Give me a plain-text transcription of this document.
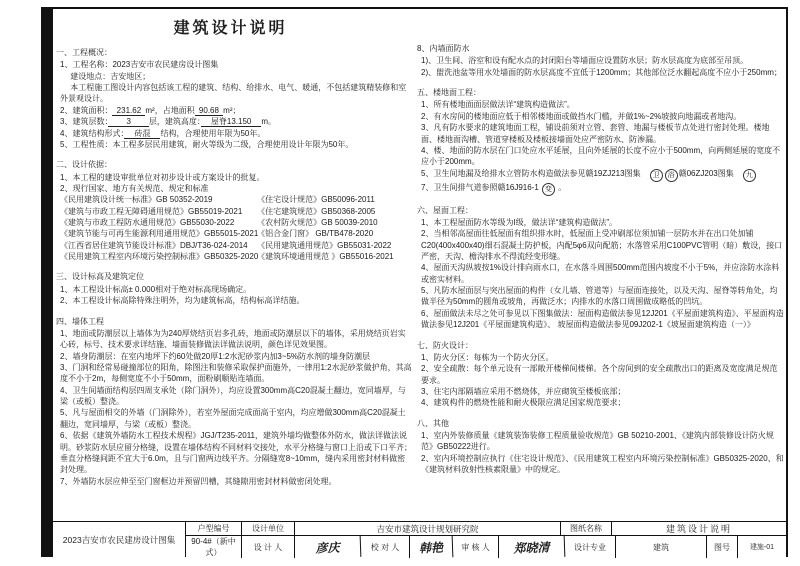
建筑设计说明
一、工程概况：
1、工程名称：2023吉安市农民建房设计图集
　 建设地点：吉安地区；
　 本工程施工图设计内容包括该工程的建筑、结构、给排水、电气、暖通，不包括建筑精装修和室外景观设计。
2、建筑面积： 231.62 m²，占地面积 90.68 m²；
3、建筑层数：　　3　　层，建筑高度：　屋脊13.150　m。
4、建筑结构形式：　砖混　结构，合理使用年限为50年。
5、工程性质：本工程多层民用建筑，耐火等级为二级，合理使用设计年限为50年。
二、设计依据：
1、本工程的建设审批单位对初步设计或方案设计的批复。
2、现行国家、地方有关规范、规定和标准
《民用建筑设计统一标准》GB 50352-2019	《住宅设计规范》GB50096-2011
《建筑与市政工程无障碍通用规范》GB55019-2021 《住宅建筑规范》GB50368-2005
《建筑与市政工程防水通用规范》GB55030-2022	《农村防火规范》GB 50039-2010
《建筑节能与可再生能源利用通用规范》GB55015-2021《铝合金门窗》 GB/TB478-2020
《江西省居住建筑节能设计标准》DBJ/T36-024-2014 《民用建筑通用规范》GB55031-2022
《民用建筑工程室内环境污染控制标准》GB50325-2020《建筑环境通用规范 》GB55016-2021
三、设计标高及建筑定位
1、本工程设计标高± 0.000相对于绝对标高现场确定。
2、本工程设计标高除特殊注明外，均为建筑标高，结构标高详结施。
四、墙体工程
1、地面或防潮层以上墙体为为240厚烧结页岩多孔砖，地面或防潮层以下的墙体，采用烧结页岩实心砖，标号、技术要求详结施、墙面装修做法详做法说明，颜色详见效果图。
2、墙身防潮层：在室内地坪下约60处做20厚1:2水泥砂浆内加3~5%防水剂的墙身防潮层
3、门洞和经常易碰撞部位的阳角，除图注和装修采取保护面施外，一律用1:2水泥砂浆做护角，其高度不小于2m，每侧宽度不小于50mm，面粉刷顺贴连墙面。
4、卫生间墙面结构层四周支承处（除门洞外），均应设置300mm高C20混凝土翻边，宽同墙厚，与梁（或板）整浇。
5、凡与屋面相交的外墙（门洞除外），若室外屋面完成面高于室内，均应增做300mm高C20混凝土翻边，宽同墙厚，与梁（或板）整浇。
6、依据《建筑外墙防水工程技术规程》JGJ/T235-2011，建筑外墙均做整体外防水，做法详做法说明。砂浆防水层应留分格缝，设置在墙体结构不同材料交接处，水平分格缝与窗口上沿或下口平齐；垂直分格缝间距不宜大于6.0m，且与门窗两边线平齐。分隔缝宽8~10mm，缝内采用密封材料做密封处理。
7、外墙防水层应伸至至门窗框边并预留凹槽，其缝隙用密封材料做密闭处理。
8、内墙面防水
1)、卫生间、浴室和设有配水点的封闭阳台等墙面应设置防水层；防水层高度为底部至吊顶。
2)、盥洗池盆等用水处墙面的防水层高度不宜低于1200mm；其他部位泛水翻起高度不应小于250mm；
五、楼地面工程：
1、所有楼地面面层做法详“建筑构造做法”。
2、有水房间的楼地面应低于相邻楼地面或做挡水门槛，并做1%~2%坡披向地漏或者地沟。
3、凡有防水要求的建筑地面工程，铺设前须对立管、套管、地漏与楼板节点处进行密封处理。楼地面、楼地面沟槽、管道穿楼板及楼板接墙面处应严密防水、防渗漏。
4、楼、地面的防水层在门口处应水平延展，且向外延展的长度不应小于500mm，向两侧延展的宽度不应小于200mm。
5、卫生间地漏及给排水立管防水构造做法参见赣19ZJ213图集　卫 浴 赣06ZJ203图集　九
7、卫生间排气道参照赣16J916-1 变 。
六、屋面工程：
1、本工程屋面防水等级为I级，做法详“建筑构造做法”。
2、当相邻高屋面往低屋面有组织排水时，低屋面上受冲刷部位须加铺一层防水并在出口处加铺C20(400x400x40)细石混凝土防护板，内配5φ6双向配筋；水落管采用C100PVC管明（暗）敷设，接口严密，天沟、檐沟排水不得流经变形缝。
4、屋面天沟纵坡按1%设计排向雨水口，在水落斗周围500mm范围内坡度不小于5%，并应涂防水涂料或密实材料。
5、凡防水屋面层与突出屋面的构件（女儿墙、管道等）与屋面连接处，以及天沟、屋脊等转角处，均做半径为50mm的圆角或坡角，再做泛水；内排水的水落口周围做成略低的凹坑。
6、屋面做法未尽之处可参见以下图集做法：屋面构造做法参见12J201《平屋面建筑构造》、平屋面构造做法参见12J201《平屋面建筑构造》、 坡屋面构造做法参见09J202-1《坡屋面建筑构造（一）》
七、防火设计：
1、防火分区：每栋为一个防火分区。
2、安全疏散：每个单元设有一部敞开楼梯间楼梯。各个房间到的安全疏散出口的距离及宽度满足规范要求。
3、住宅内部隔墙应采用不燃烧体，并应砌筑至楼板底部；
4、建筑构件的燃烧性能和耐火极限应满足国家规范要求；
八、其他
1、室内外装修质量《建筑装饰装修工程质量验收规范》GB 50210-2001、《建筑内部装修设计防火规范》GB50222进行。
2、室内环境控制应执行《住宅设计规范》、《民用建筑工程室内环境污染控制标准》GB50325-2020、和《建筑材料放射性核素限量》中的规定。
2023吉安市农民建房设计图集
户型编号	设计单位	吉安市建筑设计规划研究院	图纸名称	建筑设计说明
90-4#（新中式）
设 计 人	彦庆	校 对 人	韩艳	审 核 人	郑晓清	设计专业	建筑	图号	建施-01
